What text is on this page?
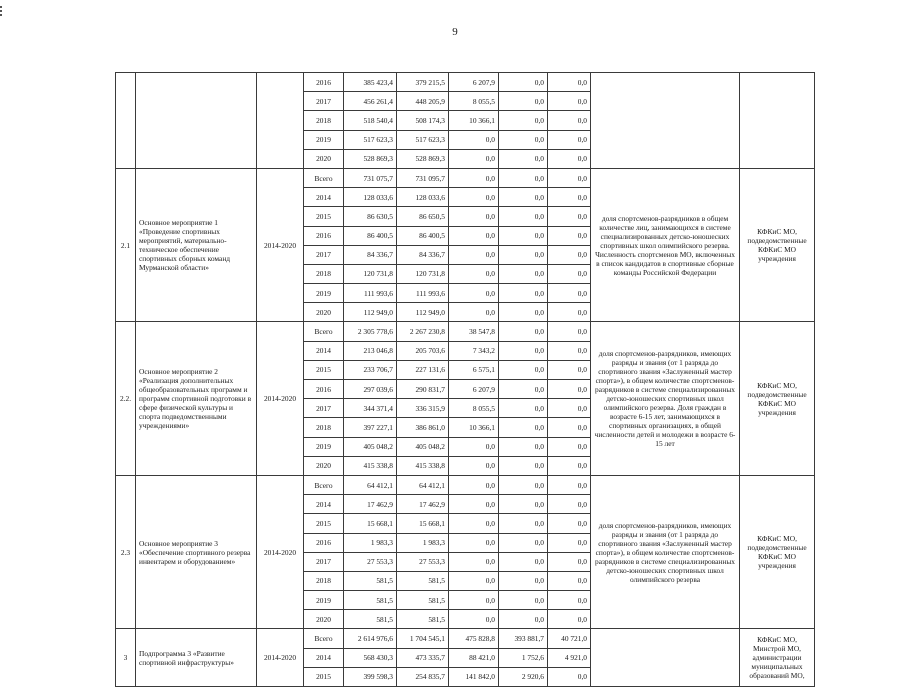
9
			2016	385 423,4	379 215,5	6 207,9	0,0	0,0		
			2017	456 261,4	448 205,9	8 055,5	0,0	0,0		
			2018	518 540,4	508 174,3	10 366,1	0,0	0,0		
			2019	517 623,3	517 623,3	0,0	0,0	0,0		
			2020	528 869,3	528 869,3	0,0	0,0	0,0		
2.1	Основное мероприятие 1 «Проведение спортивных мероприятий, материально-техническое обеспечение спортивных сборных команд Мурманской области»	2014-2020	Всего	731 075,7	731 095,7	0,0	0,0	0,0	доля спортсменов-разрядников в общем количестве лиц, занимающихся в системе специализированных детско-юношеских спортивных школ олимпийского резерва. Численность спортсменов МО, включенных в список кандидатов в спортивные сборные команды Российской Федерации	КФКиС МО, подведомственные КФКиС МО учреждения
			2014	128 033,6	128 033,6	0,0	0,0	0,0		
			2015	86 630,5	86 650,5	0,0	0,0	0,0		
			2016	86 400,5	86 400,5	0,0	0,0	0,0		
			2017	84 336,7	84 336,7	0,0	0,0	0,0		
			2018	120 731,8	120 731,8	0,0	0,0	0,0		
			2019	111 993,6	111 993,6	0,0	0,0	0,0		
			2020	112 949,0	112 949,0	0,0	0,0	0,0		
2.2.	Основное мероприятие 2 «Реализация дополнительных общеобразовательных программ и программ спортивной подготовки в сфере физической культуры и спорта подведомственными учреждениями»	2014-2020	Всего	2 305 778,6	2 267 230,8	38 547,8	0,0	0,0	доля спортсменов-разрядников, имеющих разряды и звания (от 1 разряда до спортивного звания «Заслуженный мастер спорта»), в общем количестве спортсменов-разрядников в системе специализированных детско-юношеских спортивных школ олимпийского резерва. Доля граждан в возрасте 6-15 лет, занимающихся в спортивных организациях, в общей численности детей и молодежи в возрасте 6-15 лет	КФКиС МО, подведомственные КФКиС МО учреждения
			2014	213 046,8	205 703,6	7 343,2	0,0	0,0		
			2015	233 706,7	227 131,6	6 575,1	0,0	0,0		
			2016	297 039,6	290 831,7	6 207,9	0,0	0,0		
			2017	344 371,4	336 315,9	8 055,5	0,0	0,0		
			2018	397 227,1	386 861,0	10 366,1	0,0	0,0		
			2019	405 048,2	405 048,2	0,0	0,0	0,0		
			2020	415 338,8	415 338,8	0,0	0,0	0,0		
2.3	Основное мероприятие 3 «Обеспечение спортивного резерва инвентарем и оборудованием»	2014-2020	Всего	64 412,1	64 412,1	0,0	0,0	0,0	доля спортсменов-разрядников, имеющих разряды и звания (от 1 разряда до спортивного звания «Заслуженный мастер спорта»), в общем количестве спортсменов-разрядников в системе специализированных детско-юношеских спортивных школ олимпийского резерва	КФКиС МО, подведомственные КФКиС МО учреждения
			2014	17 462,9	17 462,9	0,0	0,0	0,0		
			2015	15 668,1	15 668,1	0,0	0,0	0,0		
			2016	1 983,3	1 983,3	0,0	0,0	0,0		
			2017	27 553,3	27 553,3	0,0	0,0	0,0		
			2018	581,5	581,5	0,0	0,0	0,0		
			2019	581,5	581,5	0,0	0,0	0,0		
			2020	581,5	581,5	0,0	0,0	0,0		
3	Подпрограмма 3 «Развитие спортивной инфраструктуры»	2014-2020	Всего	2 614 976,6	1 704 545,1	475 828,8	393 881,7	40 721,0		КФКиС МО, Минстрой МО, администрации муниципальных образований МО,
			2014	568 430,3	473 335,7	88 421,0	1 752,6	4 921,0		
			2015	399 598,3	254 835,7	141 842,0	2 920,6	0,0		
